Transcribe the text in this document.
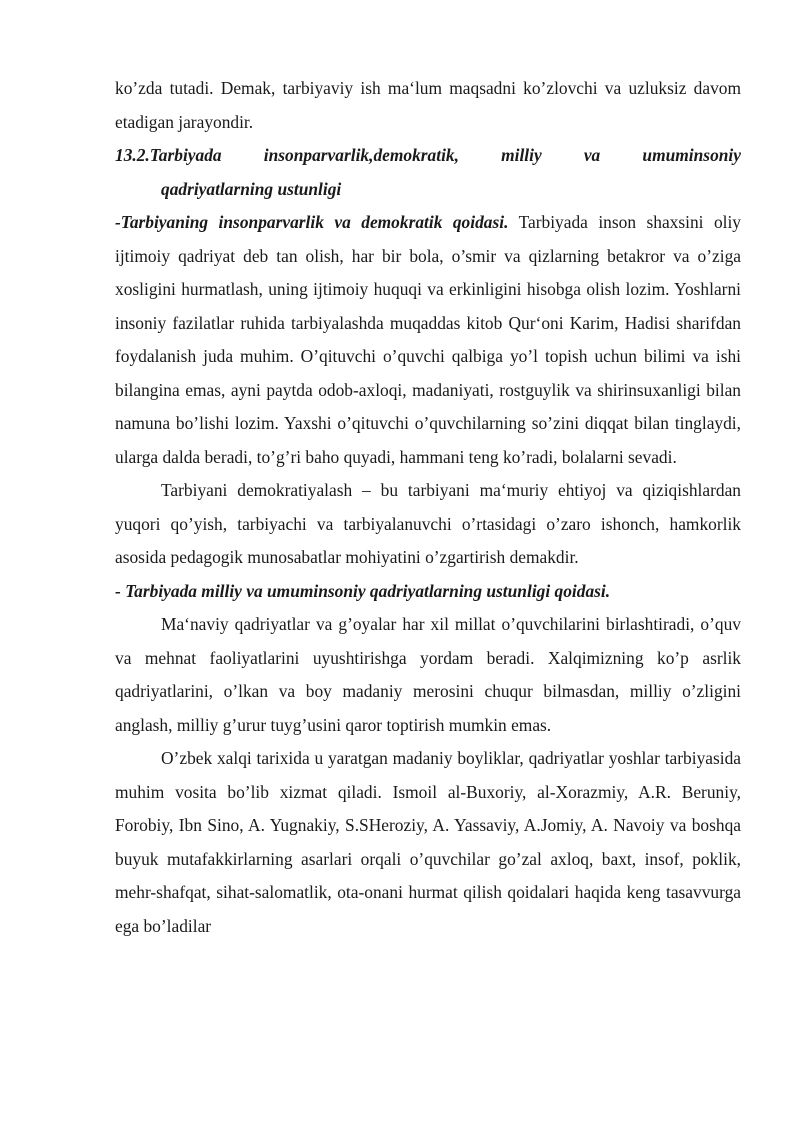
ko’zda tutadi. Demak, tarbiyaviy ish ma‘lum maqsadni ko’zlovchi va uzluksiz davom etadigan jarayondir.

13.2.Tarbiyada insonparvarlik,demokratik, milliy va umuminsoniy

qadriyatlarning ustunligi

-Tarbiyaning insonparvarlik va demokratik qoidasi. Tarbiyada inson shaxsini oliy ijtimoiy qadriyat deb tan olish, har bir bola, o’smir va qizlarning betakror va o’ziga xosligini hurmatlash, uning ijtimoiy huquqi va erkinligini hisobga olish lozim. Yoshlarni insoniy fazilatlar ruhida tarbiyalashda muqaddas kitob Qur‘oni Karim, Hadisi sharifdan foydalanish juda muhim. O’qituvchi o’quvchi qalbiga yo’l topish uchun bilimi va ishi bilangina emas, ayni paytda odob-axloqi, madaniyati, rostguylik va shirinsuxanligi bilan namuna bo’lishi lozim. Yaxshi o’qituvchi o’quvchilarning so’zini diqqat bilan tinglaydi, ularga dalda beradi, to’g’ri baho quyadi, hammani teng ko’radi, bolalarni sevadi.

Tarbiyani demokratiyalash – bu tarbiyani ma‘muriy ehtiyoj va qiziqishlardan yuqori qo’yish, tarbiyachi va tarbiyalanuvchi o’rtasidagi o’zaro ishonch, hamkorlik asosida pedagogik munosabatlar mohiyatini o’zgartirish demakdir.

- Tarbiyada milliy va umuminsoniy qadriyatlarning ustunligi qoidasi.

Ma‘naviy qadriyatlar va g’oyalar har xil millat o’quvchilarini birlashtiradi, o’quv va mehnat faoliyatlarini uyushtirishga yordam beradi. Xalqimizning ko’p asrlik qadriyatlarini, o’lkan va boy madaniy merosini chuqur bilmasdan, milliy o’zligini anglash, milliy g’urur tuyg’usini qaror toptirish mumkin emas.

O’zbek xalqi tarixida u yaratgan madaniy boyliklar, qadriyatlar yoshlar tarbiyasida muhim vosita bo’lib xizmat qiladi. Ismoil al-Buxoriy, al-Xorazmiy, A.R. Beruniy, Forobiy, Ibn Sino, A. Yugnakiy, S.SHeroziy, A. Yassaviy, A.Jomiy, A. Navoiy va boshqa buyuk mutafakkirlarning asarlari orqali o’quvchilar go’zal axloq, baxt, insof, poklik, mehr-shafqat, sihat-salomatlik, ota-onani hurmat qilish qoidalari haqida keng tasavvurga ega bo’ladilar
